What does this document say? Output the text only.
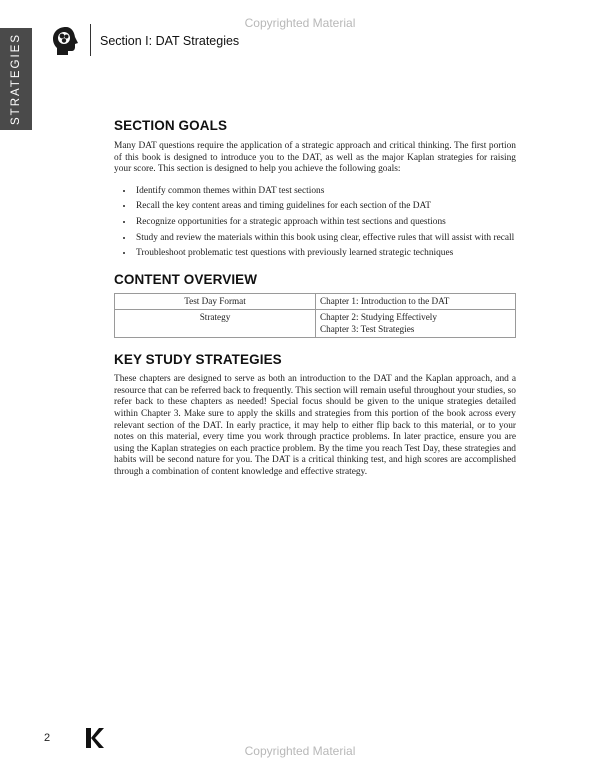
Copyrighted Material
STRATEGIES	Section I: DAT Strategies
SECTION GOALS

Many DAT questions require the application of a strategic approach and critical thinking. The first portion of this book is designed to introduce you to the DAT, as well as the major Kaplan strategies for raising your score. This section is designed to help you achieve the following goals:

• Identify common themes within DAT test sections
• Recall the key content areas and timing guidelines for each section of the DAT
• Recognize opportunities for a strategic approach within test sections and questions
• Study and review the materials within this book using clear, effective rules that will assist with recall
• Troubleshoot problematic test questions with previously learned strategic techniques
CONTENT OVERVIEW
Test Day Format	Chapter 1: Introduction to the DAT

Strategy	Chapter 2: Studying Effectively
Chapter 3: Test Strategies
KEY STUDY STRATEGIES

These chapters are designed to serve as both an introduction to the DAT and the Kaplan approach, and a resource that can be referred back to frequently. This section will remain useful throughout your studies, so refer back to these chapters as needed! Special focus should be given to the unique strategies detailed within Chapter 3. Make sure to apply the skills and strategies from this portion of the book across every relevant section of the DAT. In early practice, it may help to either flip back to this material, or to your notes on this material, every time you work through practice problems. In later practice, ensure you are using the Kaplan strategies on each practice problem. By the time you reach Test Day, these strategies and habits will be second nature for you. The DAT is a critical thinking test, and high scores are accomplished through a combination of content knowledge and effective strategy.

2
Copyrighted Material
